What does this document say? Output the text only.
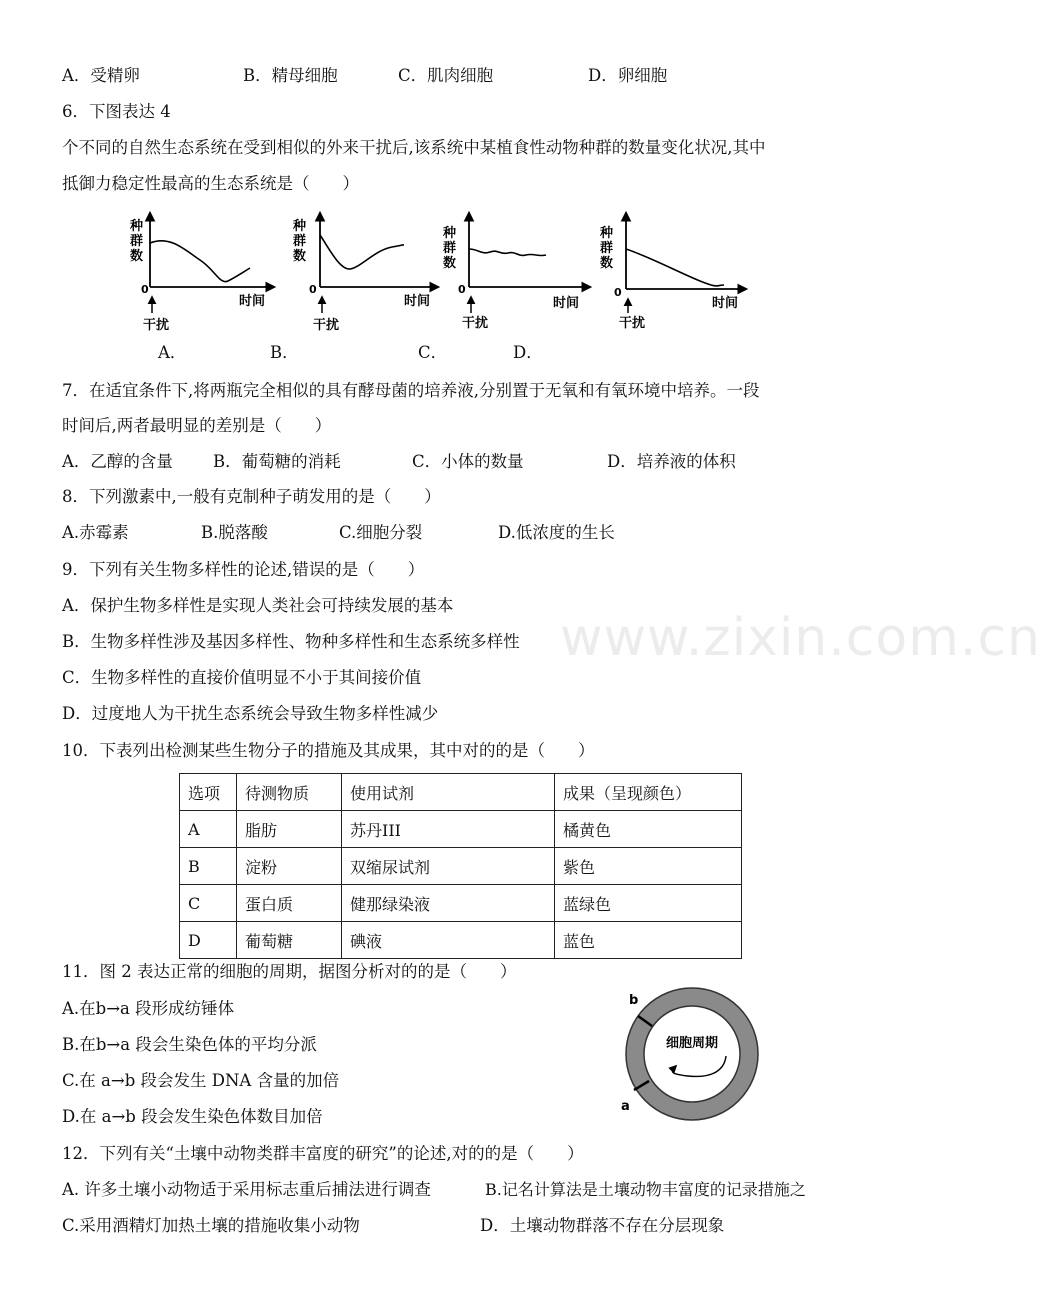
www.zixin.com.cn
A．受精卵	B．精母细胞	C．肌肉细胞	D．卵细胞
6．下图表达 4
个不同的自然生态系统在受到相似的外来干扰后,该系统中某植食性动物种群的数量变化状况,其中
抵御力稳定性最高的生态系统是（　　）
种
群
数
0
时间
干扰
种
群
数
0
时间
干扰
种
群
数
0
时间
干扰
种
群
数
0
时间
干扰
A．	B．	C．	D．
7．在适宜条件下,将两瓶完全相似的具有酵母菌的培养液,分别置于无氧和有氧环境中培养。一段
时间后,两者最明显的差别是（　　）
A．乙醇的含量 B．葡萄糖的消耗	C．小体的数量	D．培养液的体积
8．下列激素中,一般有克制种子萌发用的是（　　）
A.赤霉素	B.脱落酸	C.细胞分裂	D.低浓度的生长
9．下列有关生物多样性的论述,错误的是（　　）
A．保护生物多样性是实现人类社会可持续发展的基本
B．生物多样性涉及基因多样性、物种多样性和生态系统多样性
C．生物多样性的直接价值明显不小于其间接价值
D．过度地人为干扰生态系统会导致生物多样性减少
10．下表列出检测某些生物分子的措施及其成果，其中对的的是（　　）
选项	待测物质	使用试剂	成果（呈现颜色）
A	脂肪	苏丹III	橘黄色
B	淀粉	双缩尿试剂	紫色
C	蛋白质	健那绿染液	蓝绿色
D	葡萄糖	碘液	蓝色
11．图 2 表达正常的细胞的周期，据图分析对的的是（　　）
A.在b→a 段形成纺锤体
B.在b→a 段会生染色体的平均分派
C.在 a→b 段会发生 DNA 含量的加倍
D.在 a→b 段会发生染色体数目加倍
b
a
细胞周期
12．下列有关“土壤中动物类群丰富度的研究”的论述,对的的是（　　）
A. 许多土壤小动物适于采用标志重后捕法进行调查	B.记名计算法是土壤动物丰富度的记录措施之
C.采用酒精灯加热土壤的措施收集小动物	D．土壤动物群落不存在分层现象
